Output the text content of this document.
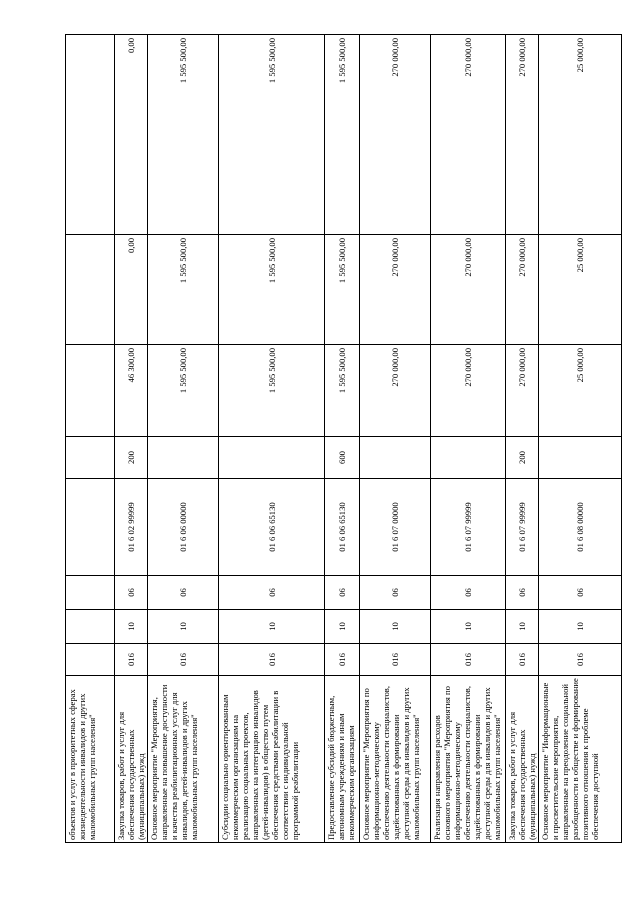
объектов и услуг в приоритетных сферах жизнедеятельности инвалидов и других маломобильных групп населения"								
Закупка товаров, работ и услуг для обеспечения государственных (муниципальных) нужд	016	10	06	01 6 02 99999	200	46 300,00	0,00	0,00
Основное мероприятие "Мероприятия, направленные на повышение доступности и качества реабилитационных услуг для инвалидов, детей-инвалидов и других маломобильных групп населения"	016	10	06	01 6 06 00000		1 595 500,00	1 595 500,00	1 595 500,00
Субсидии социально ориентированным некоммерческим организациям на реализацию социальных проектов, направленных на интеграцию инвалидов (детей-инвалидов) в общество путем обеспечения средствами реабилитации в соответствии с индивидуальной программой реабилитации	016	10	06	01 6 06 65130		1 595 500,00	1 595 500,00	1 595 500,00
Предоставление субсидий бюджетным, автономным учреждениям и иным некоммерческим организациям	016	10	06	01 6 06 65130	600	1 595 500,00	1 595 500,00	1 595 500,00
Основное мероприятие "Мероприятия по информационно-методическому обеспечению деятельности специалистов, задействованных в формировании доступной среды для инвалидов и других маломобильных групп населения"	016	10	06	01 6 07 00000		270 000,00	270 000,00	270 000,00
Реализация направления расходов основного мероприятия "Мероприятия по информационно-методическому обеспечению деятельности специалистов, задействованных в формировании доступной среды для инвалидов и других маломобильных групп населения"	016	10	06	01 6 07 99999		270 000,00	270 000,00	270 000,00
Закупка товаров, работ и услуг для обеспечения государственных (муниципальных) нужд	016	10	06	01 6 07 99999	200	270 000,00	270 000,00	270 000,00
Основное мероприятие "Информационные и просветительские мероприятия, направленные на преодоление социальной разобщенности в обществе и формирование позитивного отношения к проблеме обеспечения доступной	016	10	06	01 6 08 00000		25 000,00	25 000,00	25 000,00
